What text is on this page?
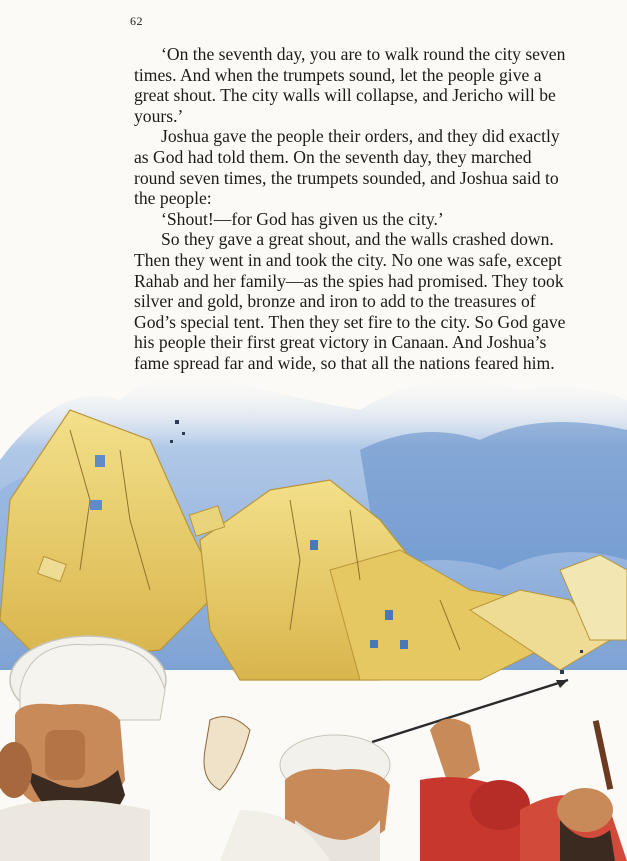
62

‘On the seventh day, you are to walk round the city seven times. And when the trumpets sound, let the people give a great shout. The city walls will collapse, and Jericho will be yours.’

Joshua gave the people their orders, and they did exactly as God had told them. On the seventh day, they marched round seven times, the trumpets sounded, and Joshua said to the people:

‘Shout!—for God has given us the city.’

So they gave a great shout, and the walls crashed down. Then they went in and took the city. No one was safe, except Rahab and her family—as the spies had promised. They took silver and gold, bronze and iron to add to the treasures of God’s special tent. Then they set fire to the city. So God gave his people their first great victory in Canaan. And Joshua’s fame spread far and wide, so that all the nations feared him.
